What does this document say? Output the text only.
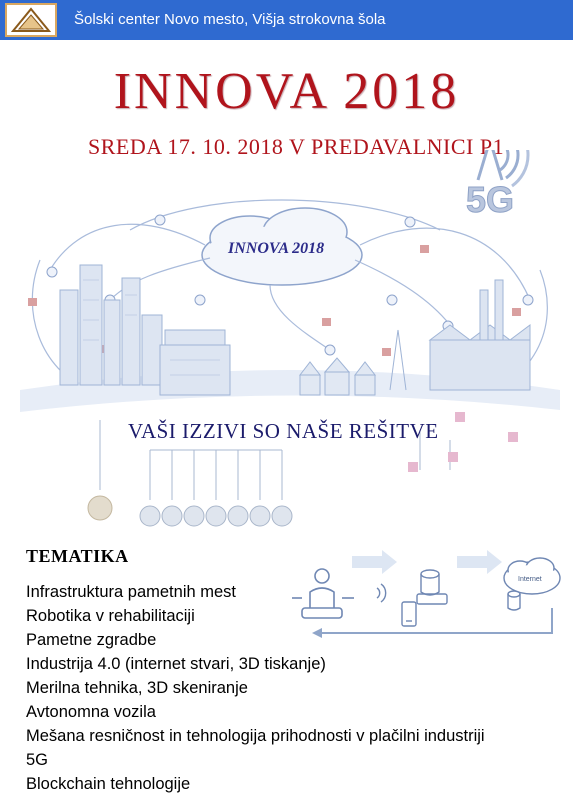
Šolski center Novo mesto, Višja strokovna šola
INNOVA 2018
SREDA 17. 10. 2018 V PREDAVALNICI P1
5G
INNOVA 2018
VAŠI IZZIVI SO NAŠE REŠITVE
TEMATIKA
Internet
Infrastruktura pametnih mest
Robotika v rehabilitaciji
Pametne zgradbe
Industrija 4.0 (internet stvari, 3D tiskanje)
Merilna tehnika, 3D skeniranje
Avtonomna vozila
Mešana resničnost in tehnologija prihodnosti v plačilni industriji
5G
Blockchain tehnologije
